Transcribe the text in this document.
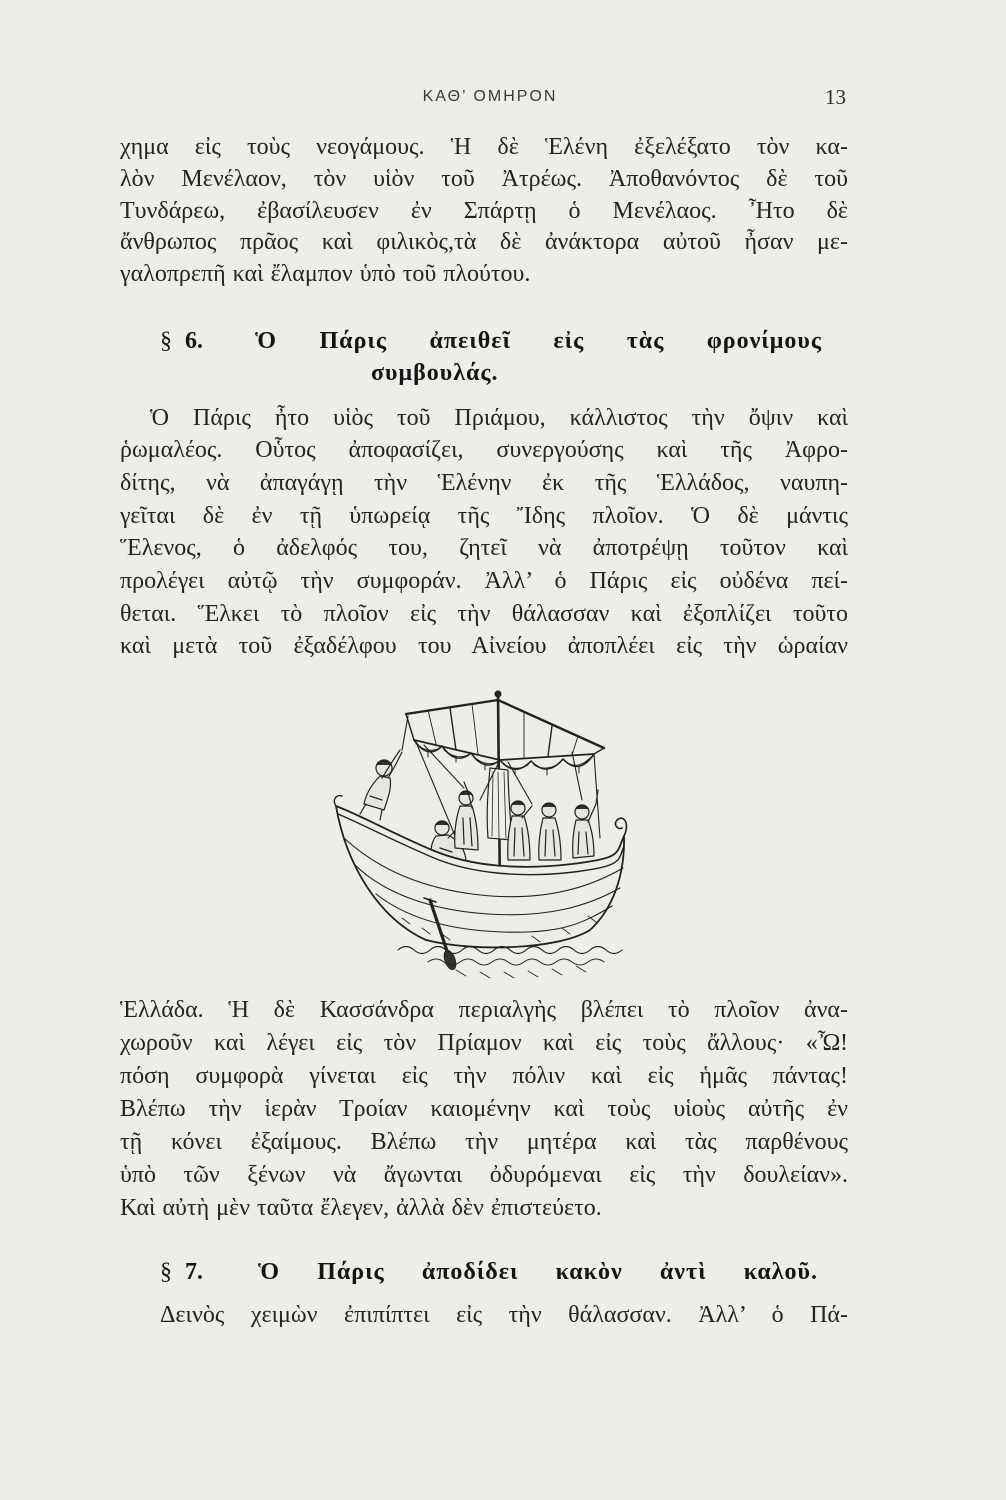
ΚΑΘ’ ΟΜΗΡΟΝ	13
χημα εἰς τοὺς νεογάμους. Ἡ δὲ Ἑλένη ἐξελέξατο τὸν κα-
λὸν Μενέλαον, τὸν υἱὸν τοῦ Ἀτρέως. Ἀποθανόντος δὲ τοῦ
Τυνδάρεω, ἐβασίλευσεν ἐν Σπάρτῃ ὁ Μενέλαος. Ἦτο δὲ
ἄνθρωπος πρᾶος καὶ φιλικὸς,τὰ δὲ ἀνάκτορα αὐτοῦ ἦσαν με-
γαλοπρεπῆ καὶ ἔλαμπον ὑπὸ τοῦ πλούτου.
§ 6.	Ὁ Πάρις ἀπειθεῖ εἰς τὰς φρονίμους
συμβουλάς.
Ὁ Πάρις ἦτο υἱὸς τοῦ Πριάμου, κάλλιστος τὴν ὄψιν καὶ
ῥωμαλέος. Οὗτος ἀποφασίζει, συνεργούσης καὶ τῆς Ἀφρο-
δίτης, νὰ ἀπαγάγῃ τὴν Ἑλένην ἐκ τῆς Ἑλλάδος, ναυπη-
γεῖται δὲ ἐν τῇ ὑπωρείᾳ τῆς Ἴδης πλοῖον. Ὁ δὲ μάντις
Ἕλενος, ὁ ἀδελφός του, ζητεῖ νὰ ἀποτρέψῃ τοῦτον καὶ
προλέγει αὐτῷ τὴν συμφοράν. Ἀλλ’ ὁ Πάρις εἰς οὐδένα πεί-
θεται. Ἕλκει τὸ πλοῖον εἰς τὴν θάλασσαν καὶ ἐξοπλίζει τοῦτο
καὶ μετὰ τοῦ ἐξαδέλφου του Αἰνείου ἀποπλέει εἰς τὴν ὡραίαν
Ἑλλάδα. Ἡ δὲ Κασσάνδρα περιαλγὴς βλέπει τὸ πλοῖον ἀνα-
χωροῦν καὶ λέγει εἰς τὸν Πρίαμον καὶ εἰς τοὺς ἄλλους· «Ὦ!
πόση συμφορὰ γίνεται εἰς τὴν πόλιν καὶ εἰς ἡμᾶς πάντας!
Βλέπω τὴν ἱερὰν Τροίαν καιομένην καὶ τοὺς υἱοὺς αὐτῆς ἐν
τῇ κόνει ἐξαίμους. Βλέπω τὴν μητέρα καὶ τὰς παρθένους
ὑπὸ τῶν ξένων νὰ ἄγωνται ὀδυρόμεναι εἰς τὴν δουλείαν».
Καὶ αὐτὴ μὲν ταῦτα ἔλεγεν, ἀλλὰ δὲν ἐπιστεύετο.
§ 7.	Ὁ Πάρις ἀποδίδει κακὸν ἀντὶ καλοῦ.
Δεινὸς χειμὼν ἐπιπίπτει εἰς τὴν θάλασσαν. Ἀλλ’ ὁ Πά-
